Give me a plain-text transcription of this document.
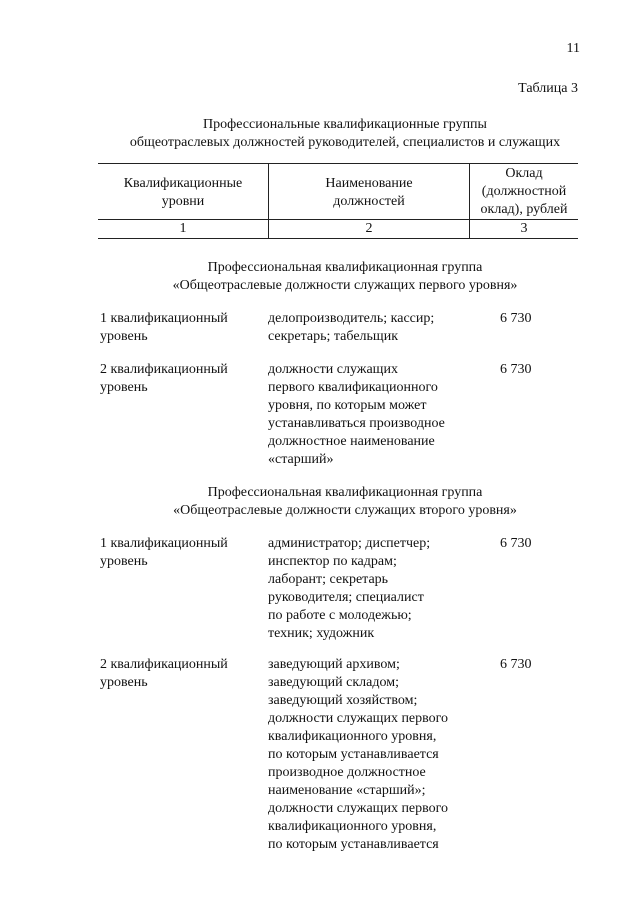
11
Таблица 3
Профессиональные квалификационные группы
общеотраслевых должностей руководителей, специалистов и служащих
Квалификационные
уровни
Наименование
должностей
Оклад
(должностной
оклад), рублей
1	2	3
Профессиональная квалификационная группа
«Общеотраслевые должности служащих первого уровня»
1 квалификационный
уровень
делопроизводитель; кассир;
секретарь; табельщик
6 730
2 квалификационный
уровень
должности служащих
первого квалификационного
уровня, по которым может
устанавливаться производное
должностное наименование
«старший»
6 730
Профессиональная квалификационная группа
«Общеотраслевые должности служащих второго уровня»
1 квалификационный
уровень
администратор; диспетчер;
инспектор по кадрам;
лаборант; секретарь
руководителя; специалист
по работе с молодежью;
техник; художник
6 730
2 квалификационный
уровень
заведующий архивом;
заведующий складом;
заведующий хозяйством;
должности служащих первого
квалификационного уровня,
по которым устанавливается
производное должностное
наименование «старший»;
должности служащих первого
квалификационного уровня,
по которым устанавливается
6 730
